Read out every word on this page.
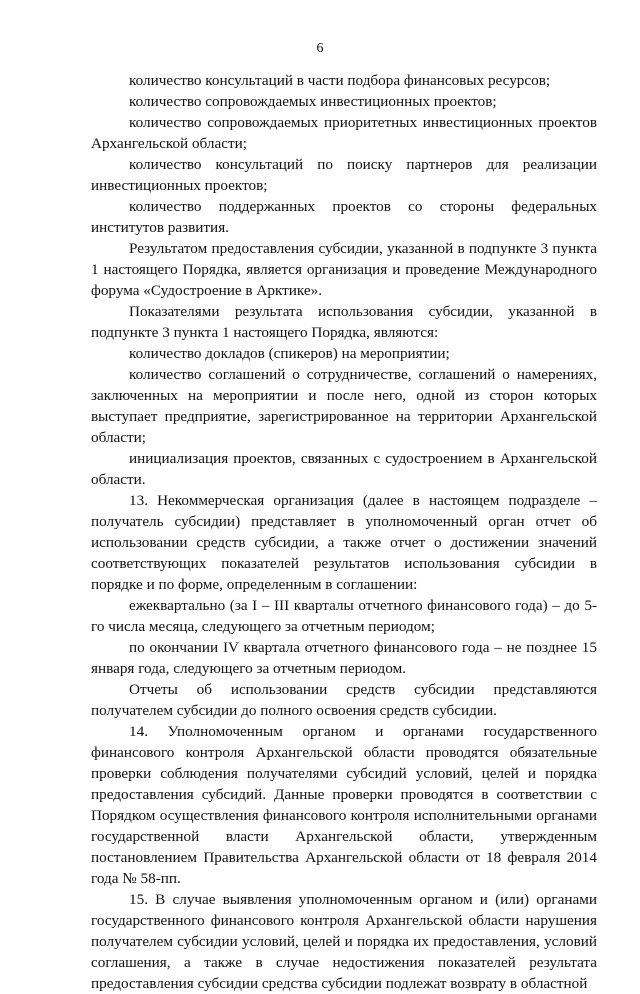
6

количество консультаций в части подбора финансовых ресурсов;

количество сопровождаемых инвестиционных проектов;

количество сопровождаемых приоритетных инвестиционных проектов Архангельской области;

количество консультаций по поиску партнеров для реализации инвестиционных проектов;

количество поддержанных проектов со стороны федеральных институтов развития.

Результатом предоставления субсидии, указанной в подпункте 3 пункта 1 настоящего Порядка, является организация и проведение Международного форума «Судостроение в Арктике».

Показателями результата использования субсидии, указанной в подпункте 3 пункта 1 настоящего Порядка, являются:

количество докладов (спикеров) на мероприятии;

количество соглашений о сотрудничестве, соглашений о намерениях, заключенных на мероприятии и после него, одной из сторон которых выступает предприятие, зарегистрированное на территории Архангельской области;

инициализация проектов, связанных с судостроением в Архангельской области.

13. Некоммерческая организация (далее в настоящем подразделе – получатель субсидии) представляет в уполномоченный орган отчет об использовании средств субсидии, а также отчет о достижении значений соответствующих показателей результатов использования субсидии в порядке и по форме, определенным в соглашении:

ежеквартально (за I – III кварталы отчетного финансового года) – до 5-го числа месяца, следующего за отчетным периодом;

по окончании IV квартала отчетного финансового года – не позднее 15 января года, следующего за отчетным периодом.

Отчеты об использовании средств субсидии представляются получателем субсидии до полного освоения средств субсидии.

14. Уполномоченным органом и органами государственного финансового контроля Архангельской области проводятся обязательные проверки соблюдения получателями субсидий условий, целей и порядка предоставления субсидий. Данные проверки проводятся в соответствии с Порядком осуществления финансового контроля исполнительными органами государственной власти Архангельской области, утвержденным постановлением Правительства Архангельской области от 18 февраля 2014 года № 58-пп.

15. В случае выявления уполномоченным органом и (или) органами государственного финансового контроля Архангельской области нарушения получателем субсидии условий, целей и порядка их предоставления, условий соглашения, а также в случае недостижения показателей результата предоставления субсидии средства субсидии подлежат возврату в областной
